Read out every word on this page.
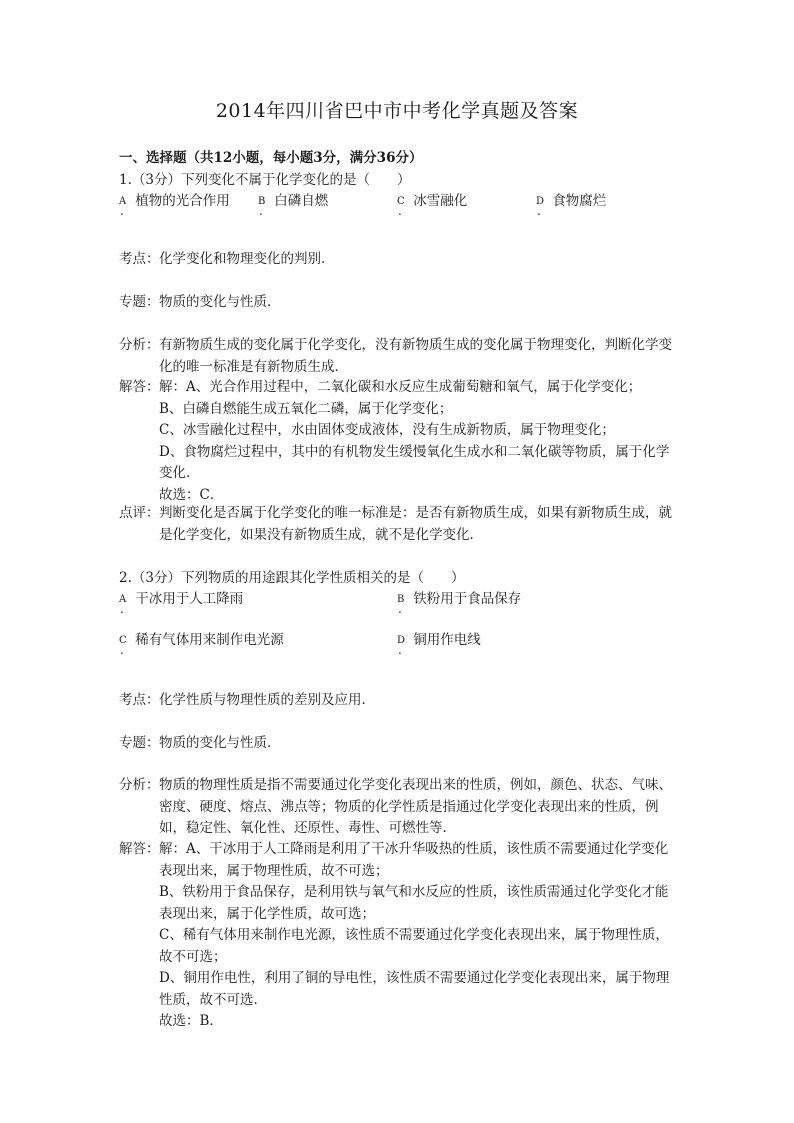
2014年四川省巴中市中考化学真题及答案
一、选择题（共12小题，每小题3分，满分36分）
1.（3分）下列变化不属于化学变化的是（　　）
A 植物的光合作用
.
B 白磷自燃
.
C 冰雪融化
.
D 食物腐烂
.
考点： 化学变化和物理变化的判别．

专题： 物质的变化与性质．

分析： 有新物质生成的变化属于化学变化，没有新物质生成的变化属于物理变化，判断化学变化的唯一标准是有新物质生成．

解答： 解：A、光合作用过程中，二氧化碳和水反应生成葡萄糖和氧气，属于化学变化；

B、白磷自燃能生成五氧化二磷，属于化学变化；

C、冰雪融化过程中，水由固体变成液体，没有生成新物质，属于物理变化；

D、食物腐烂过程中，其中的有机物发生缓慢氧化生成水和二氧化碳等物质，属于化学变化．

故选：C．

点评： 判断变化是否属于化学变化的唯一标准是：是否有新物质生成，如果有新物质生成，就是化学变化，如果没有新物质生成，就不是化学变化．

2.（3分）下列物质的用途跟其化学性质相关的是（　　）
A 干冰用于人工降雨
.
B 铁粉用于食品保存
.
C 稀有气体用来制作电光源
.
D 铜用作电线
.
考点： 化学性质与物理性质的差别及应用．

专题： 物质的变化与性质．

分析： 物质的物理性质是指不需要通过化学变化表现出来的性质，例如，颜色、状态、气味、密度、硬度、熔点、沸点等；物质的化学性质是指通过化学变化表现出来的性质，例如，稳定性、氧化性、还原性、毒性、可燃性等．

解答： 解：A、干冰用于人工降雨是利用了干冰升华吸热的性质，该性质不需要通过化学变化表现出来，属于物理性质，故不可选；

B、铁粉用于食品保存，是利用铁与氧气和水反应的性质，该性质需通过化学变化才能表现出来，属于化学性质，故可选；

C、稀有气体用来制作电光源，该性质不需要通过化学变化表现出来，属于物理性质，故不可选；

D、铜用作电性，利用了铜的导电性，该性质不需要通过化学变化表现出来，属于物理性质，故不可选．

故选：B．
